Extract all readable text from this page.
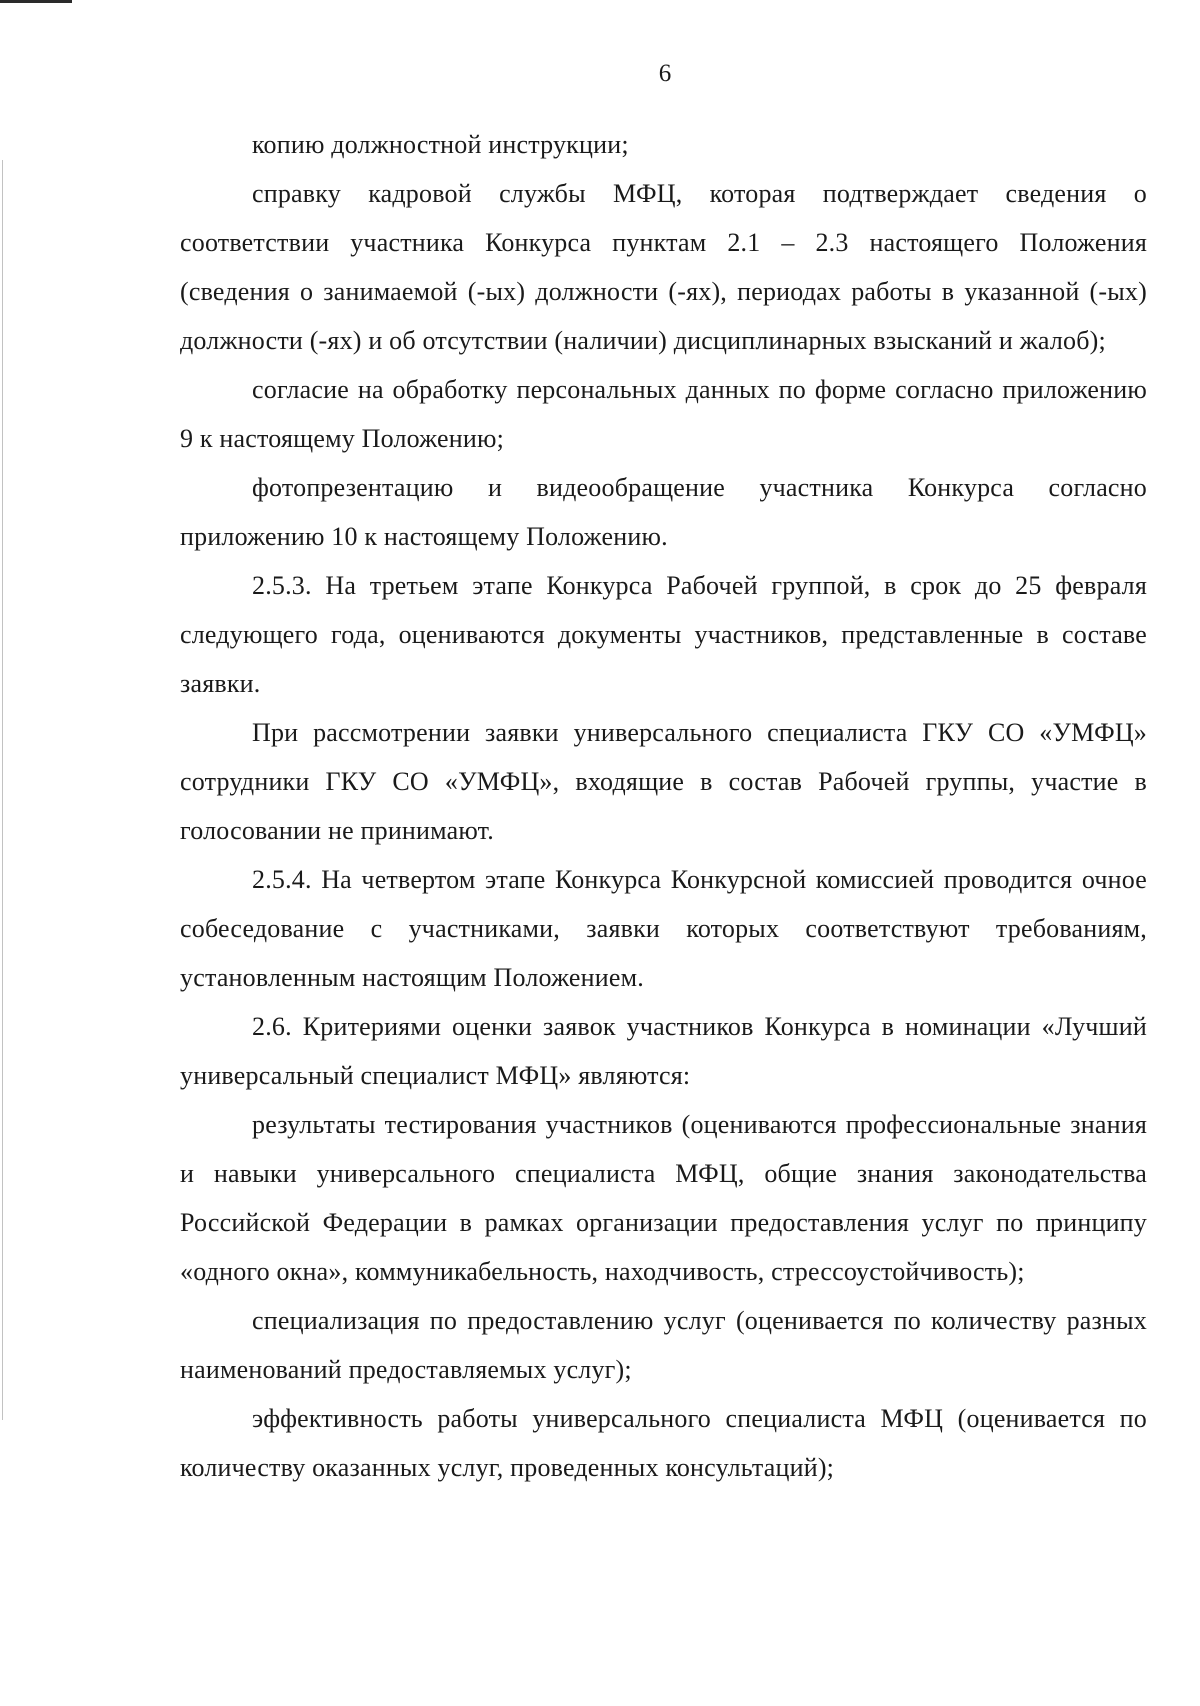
6

копию должностной инструкции;

справку кадровой службы МФЦ, которая подтверждает сведения о соответствии участника Конкурса пунктам 2.1 – 2.3 настоящего Положения (сведения о занимаемой (-ых) должности (-ях), периодах работы в указанной (-ых) должности (-ях) и об отсутствии (наличии) дисциплинарных взысканий и жалоб);

согласие на обработку персональных данных по форме согласно приложению 9 к настоящему Положению;

фотопрезентацию и видеообращение участника Конкурса согласно приложению 10 к настоящему Положению.

2.5.3. На третьем этапе Конкурса Рабочей группой, в срок до 25 февраля следующего года, оцениваются документы участников, представленные в составе заявки.

При рассмотрении заявки универсального специалиста ГКУ СО «УМФЦ» сотрудники ГКУ СО «УМФЦ», входящие в состав Рабочей группы, участие в голосовании не принимают.

2.5.4. На четвертом этапе Конкурса Конкурсной комиссией проводится очное собеседование с участниками, заявки которых соответствуют требованиям, установленным настоящим Положением.

2.6. Критериями оценки заявок участников Конкурса в номинации «Лучший универсальный специалист МФЦ» являются:

результаты тестирования участников (оцениваются профессиональные знания и навыки универсального специалиста МФЦ, общие знания законодательства Российской Федерации в рамках организации предоставления услуг по принципу «одного окна», коммуникабельность, находчивость, стрессоустойчивость);

специализация по предоставлению услуг (оценивается по количеству разных наименований предоставляемых услуг);

эффективность работы универсального специалиста МФЦ (оценивается по количеству оказанных услуг, проведенных консультаций);
